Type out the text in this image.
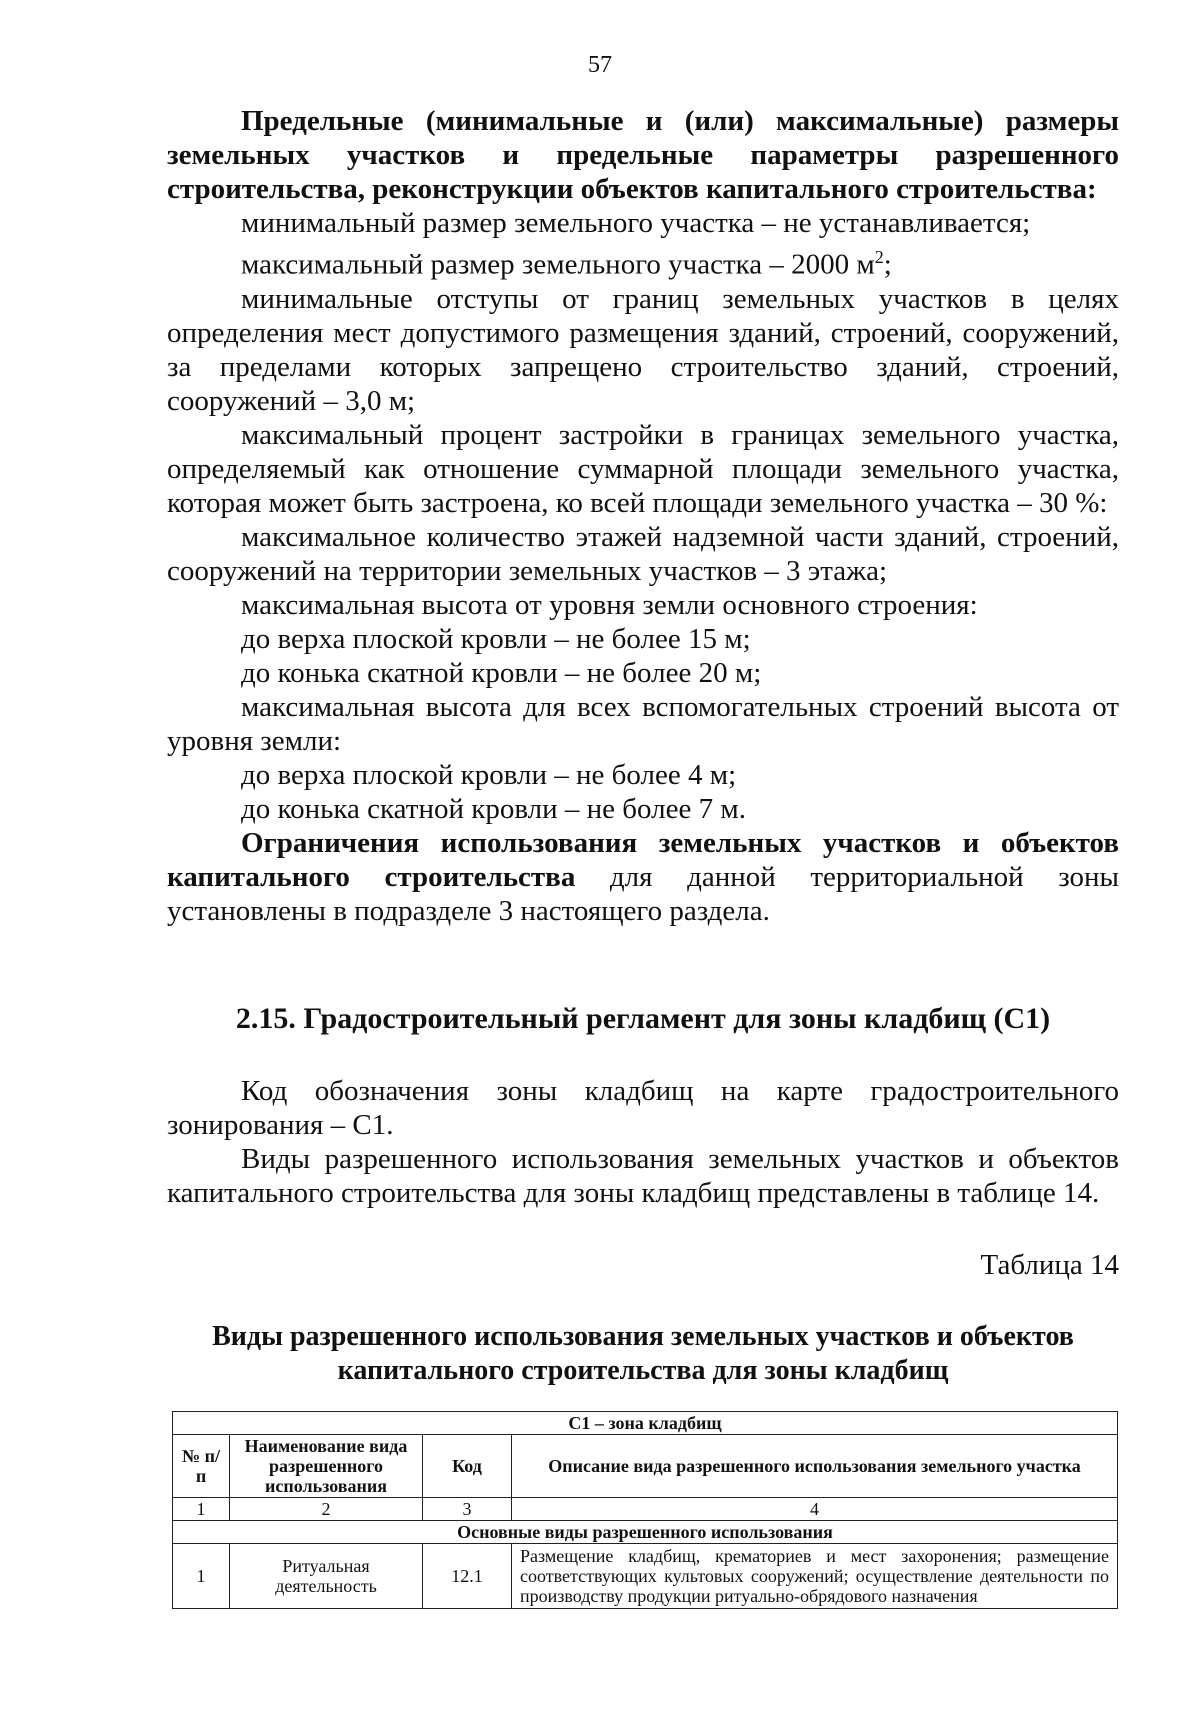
57

Предельные (минимальные и (или) максимальные) размеры земельных участков и предельные параметры разрешенного строительства, реконструкции объектов капитального строительства:

минимальный размер земельного участка – не устанавливается;

максимальный размер земельного участка – 2000 $м^2$;

минимальные отступы от границ земельных участков в целях определения мест допустимого размещения зданий, строений, сооружений, за пределами которых запрещено строительство зданий, строений, сооружений – 3,0 м;

максимальный процент застройки в границах земельного участка, определяемый как отношение суммарной площади земельного участка, которая может быть застроена, ко всей площади земельного участка – 30 %:

максимальное количество этажей надземной части зданий, строений, сооружений на территории земельных участков – 3 этажа;

максимальная высота от уровня земли основного строения:

до верха плоской кровли – не более 15 м;

до конька скатной кровли – не более 20 м;

максимальная высота для всех вспомогательных строений высота от уровня земли:

до верха плоской кровли – не более 4 м;

до конька скатной кровли – не более 7 м.

Ограничения использования земельных участков и объектов капитального строительства для данной территориальной зоны установлены в подразделе 3 настоящего раздела.

2.15. Градостроительный регламент для зоны кладбищ (С1)

Код обозначения зоны кладбищ на карте градостроительного зонирования – С1.

Виды разрешенного использования земельных участков и объектов капитального строительства для зоны кладбищ представлены в таблице 14.

Таблица 14

Виды разрешенного использования земельных участков и объектов капитального строительства для зоны кладбищ

С1 – зона кладбищ			
№ п/п	Наименование вида разрешенного использования	Код	Описание вида разрешенного использования земельного участка
1	2	3	4
Основные виды разрешенного использования			
1	Ритуальная деятельность	12.1	Размещение кладбищ, крематориев и мест захоронения; размещение соответствующих культовых сооружений; осуществление деятельности по производству продукции ритуально-обрядового назначения
